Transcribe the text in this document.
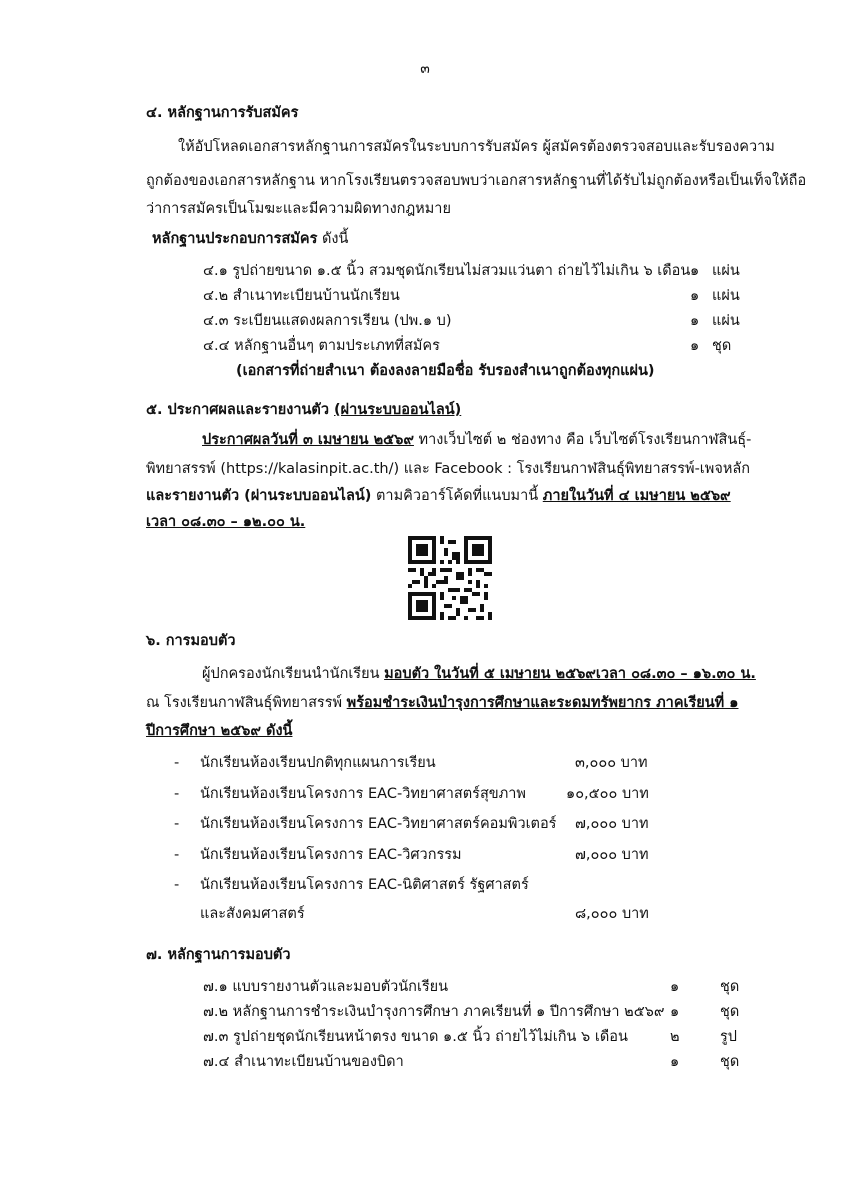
๓
๔. หลักฐานการรับสมัคร
ให้อัปโหลดเอกสารหลักฐานการสมัครในระบบการรับสมัคร ผู้สมัครต้องตรวจสอบและรับรองความ
ถูกต้องของเอกสารหลักฐาน หากโรงเรียนตรวจสอบพบว่าเอกสารหลักฐานที่ได้รับไม่ถูกต้องหรือเป็นเท็จให้ถือ
ว่าการสมัครเป็นโมฆะและมีความผิดทางกฎหมาย
หลักฐานประกอบการสมัคร ดังนี้
๔.๑ รูปถ่ายขนาด ๑.๕ นิ้ว สวมชุดนักเรียนไม่สวมแว่นตา ถ่ายไว้ไม่เกิน ๖ เดือน ๑ แผ่น
๔.๒ สำเนาทะเบียนบ้านนักเรียน	๑ แผ่น
๔.๓ ระเบียนแสดงผลการเรียน (ปพ.๑ บ)	๑ แผ่น
๔.๔ หลักฐานอื่นๆ ตามประเภทที่สมัคร	๑ ชุด
(เอกสารที่ถ่ายสำเนา ต้องลงลายมือชื่อ รับรองสำเนาถูกต้องทุกแผ่น)
๕. ประกาศผลและรายงานตัว (ผ่านระบบออนไลน์)
ประกาศผลวันที่ ๓ เมษายน ๒๕๖๙ ทางเว็บไซต์ ๒ ช่องทาง คือ เว็บไซต์โรงเรียนกาฬสินธุ์-
พิทยาสรรพ์ (https://kalasinpit.ac.th/) และ Facebook : โรงเรียนกาฬสินธุ์พิทยาสรรพ์-เพจหลัก
และรายงานตัว (ผ่านระบบออนไลน์) ตามคิวอาร์โค้ดที่แนบมานี้ ภายในวันที่ ๔ เมษายน ๒๕๖๙
เวลา ๐๘.๓๐ – ๑๒.๐๐ น.
๖. การมอบตัว
ผู้ปกครองนักเรียนนำนักเรียน มอบตัว ในวันที่ ๕ เมษายน ๒๕๖๙เวลา ๐๘.๓๐ – ๑๖.๓๐ น.
ณ โรงเรียนกาฬสินธุ์พิทยาสรรพ์ พร้อมชำระเงินบำรุงการศึกษาและระดมทรัพยากร ภาคเรียนที่ ๑
ปีการศึกษา ๒๕๖๙ ดังนี้
- นักเรียนห้องเรียนปกติทุกแผนการเรียน	๓,๐๐๐ บาท
- นักเรียนห้องเรียนโครงการ EAC-วิทยาศาสตร์สุขภาพ	๑๐,๕๐๐ บาท
- นักเรียนห้องเรียนโครงการ EAC-วิทยาศาสตร์คอมพิวเตอร์ ๗,๐๐๐ บาท
- นักเรียนห้องเรียนโครงการ EAC-วิศวกรรม	๗,๐๐๐ บาท
- นักเรียนห้องเรียนโครงการ EAC-นิติศาสตร์ รัฐศาสตร์
และสังคมศาสตร์	๘,๐๐๐ บาท
๗. หลักฐานการมอบตัว
๗.๑ แบบรายงานตัวและมอบตัวนักเรียน	๑	ชุด
๗.๒ หลักฐานการชำระเงินบำรุงการศึกษา ภาคเรียนที่ ๑ ปีการศึกษา ๒๕๖๙ ๑	ชุด
๗.๓ รูปถ่ายชุดนักเรียนหน้าตรง ขนาด ๑.๕ นิ้ว ถ่ายไว้ไม่เกิน ๖ เดือน	๒	รูป
๗.๔ สำเนาทะเบียนบ้านของบิดา	๑	ชุด
